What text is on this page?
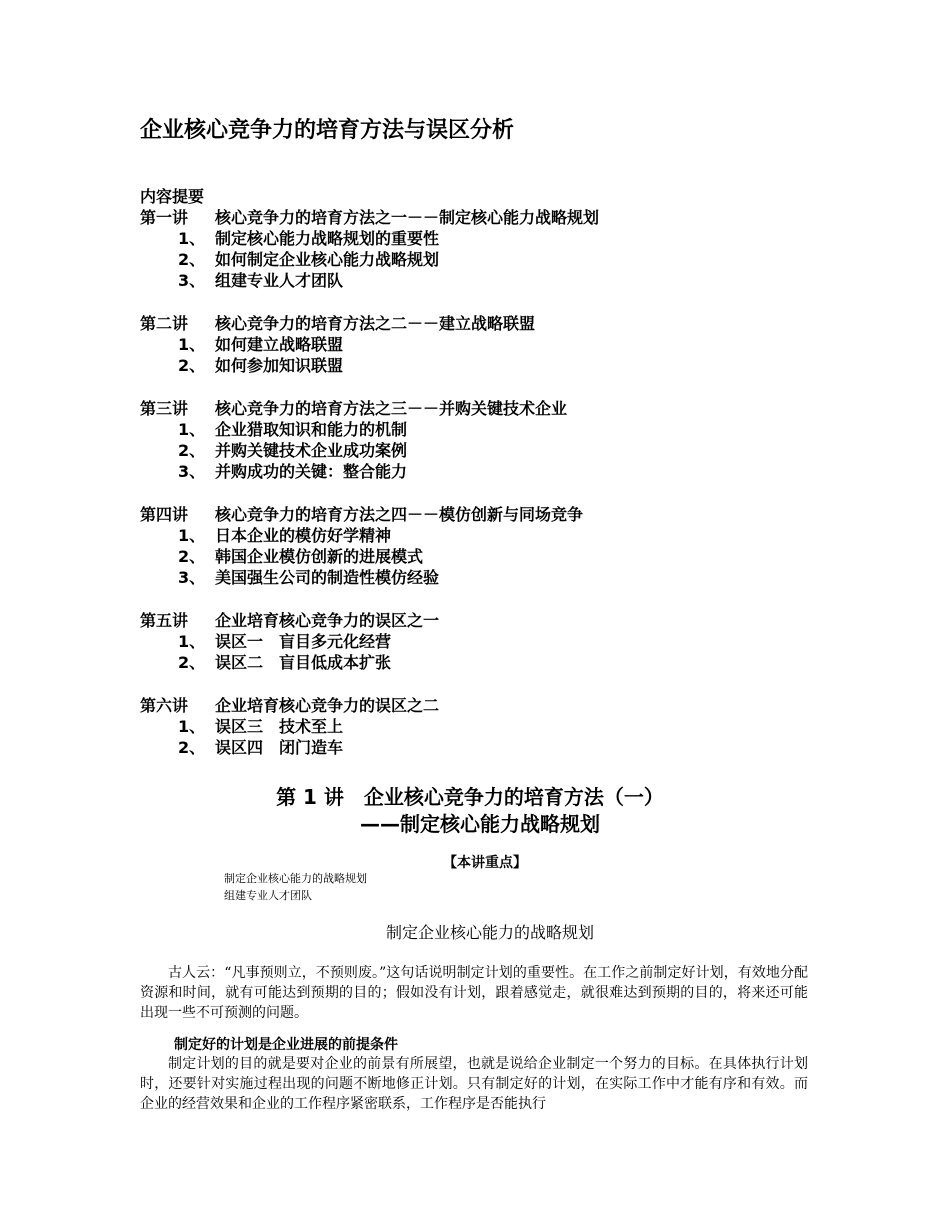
企业核心竞争力的培育方法与误区分析
内容提要
第一讲 核心竞争力的培育方法之一－－制定核心能力战略规划
1、 制定核心能力战略规划的重要性
2、 如何制定企业核心能力战略规划
3、 组建专业人才团队
第二讲 核心竞争力的培育方法之二－－建立战略联盟
1、 如何建立战略联盟
2、 如何参加知识联盟
第三讲 核心竞争力的培育方法之三－－并购关键技术企业
1、 企业猎取知识和能力的机制
2、 并购关键技术企业成功案例
3、 并购成功的关键：整合能力
第四讲 核心竞争力的培育方法之四－－模仿创新与同场竞争
1、 日本企业的模仿好学精神
2、 韩国企业模仿创新的进展模式
3、 美国强生公司的制造性模仿经验
第五讲 企业培育核心竞争力的误区之一
1、 误区一　盲目多元化经营
2、 误区二　盲目低成本扩张
第六讲 企业培育核心竞争力的误区之二
1、 误区三　技术至上
2、 误区四　闭门造车
第 1 讲　企业核心竞争力的培育方法（一）
——制定核心能力战略规划
【本讲重点】
制定企业核心能力的战略规划
组建专业人才团队
制定企业核心能力的战略规划
古人云：“凡事预则立，不预则废。”这句话说明制定计划的重要性。在工作之前制定好计划，有效地分配资源和时间，就有可能达到预期的目的；假如没有计划，跟着感觉走，就很难达到预期的目的，将来还可能出现一些不可预测的问题。
制定好的计划是企业进展的前提条件
制定计划的目的就是要对企业的前景有所展望，也就是说给企业制定一个努力的目标。在具体执行计划时，还要针对实施过程出现的问题不断地修正计划。只有制定好的计划，在实际工作中才能有序和有效。而企业的经营效果和企业的工作程序紧密联系，工作程序是否能执行
